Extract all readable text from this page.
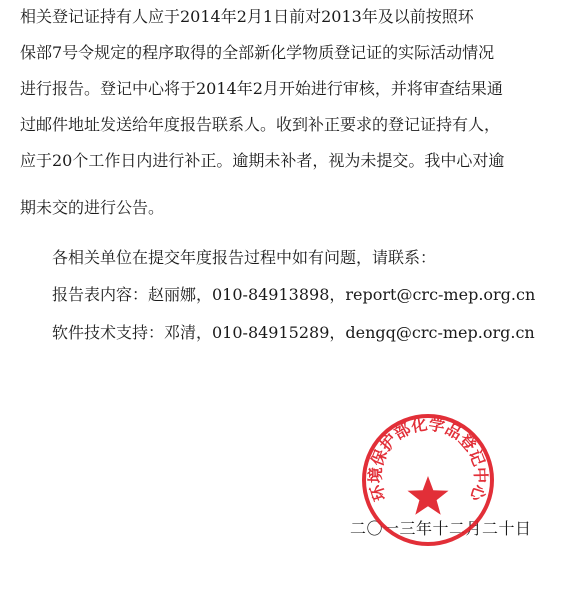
相关登记证持有人应于2014年2月1日前对2013年及以前按照环
保部7号令规定的程序取得的全部新化学物质登记证的实际活动情况
进行报告。登记中心将于2014年2月开始进行审核，并将审查结果通
过邮件地址发送给年度报告联系人。收到补正要求的登记证持有人，
应于20个工作日内进行补正。逾期未补者，视为未提交。我中心对逾
期未交的进行公告。
各相关单位在提交年度报告过程中如有问题，请联系：
报告表内容：赵丽娜，010-84913898，report@crc-mep.org.cn
软件技术支持：邓清，010-84915289，dengq@crc-mep.org.cn
二〇一三年十二月二十日
环境保护部化学品登记中心
